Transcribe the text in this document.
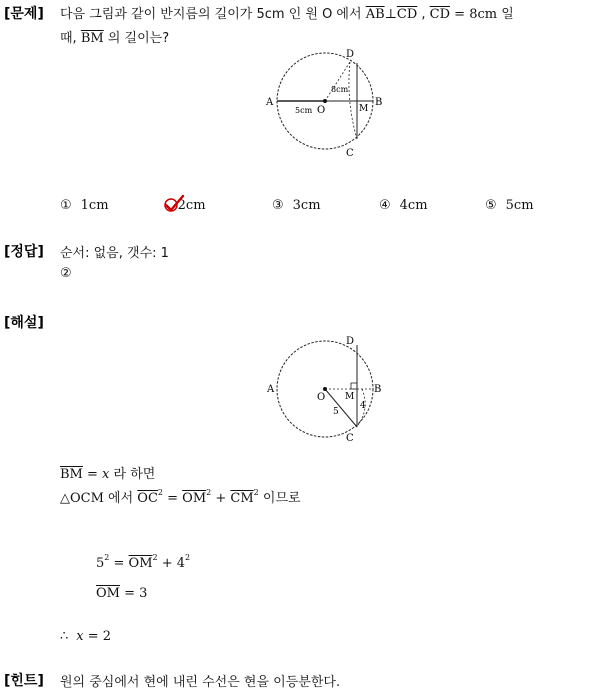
[문제] 다음 그림과 같이 반지름의 길이가 5cm 인 원 O 에서 $\overline{AB}\perp\overline{CD}$ , $\overline{CD} = 8cm$ 일
때, $\overline{BM}$ 의 길이는?
A	B
C
D
O	M
8cm
5cm
① 1cm	2cm	③ 3cm	④ 4cm	⑤ 5cm
[정답] 순서: 없음, 갯수: 1
②
[해설]
A	B
C
D
O M
5
4
$\overline{BM} = x$ 라 하면
△OCM 에서 $\overline{OC}^2 = \overline{OM}^2 + \overline{CM}^2$ 이므로
$5^2 = \overline{OM}^2 + 4^2$
$\overline{OM} = 3$
∴ x = 2
[힌트] 원의 중심에서 현에 내린 수선은 현을 이등분한다.
